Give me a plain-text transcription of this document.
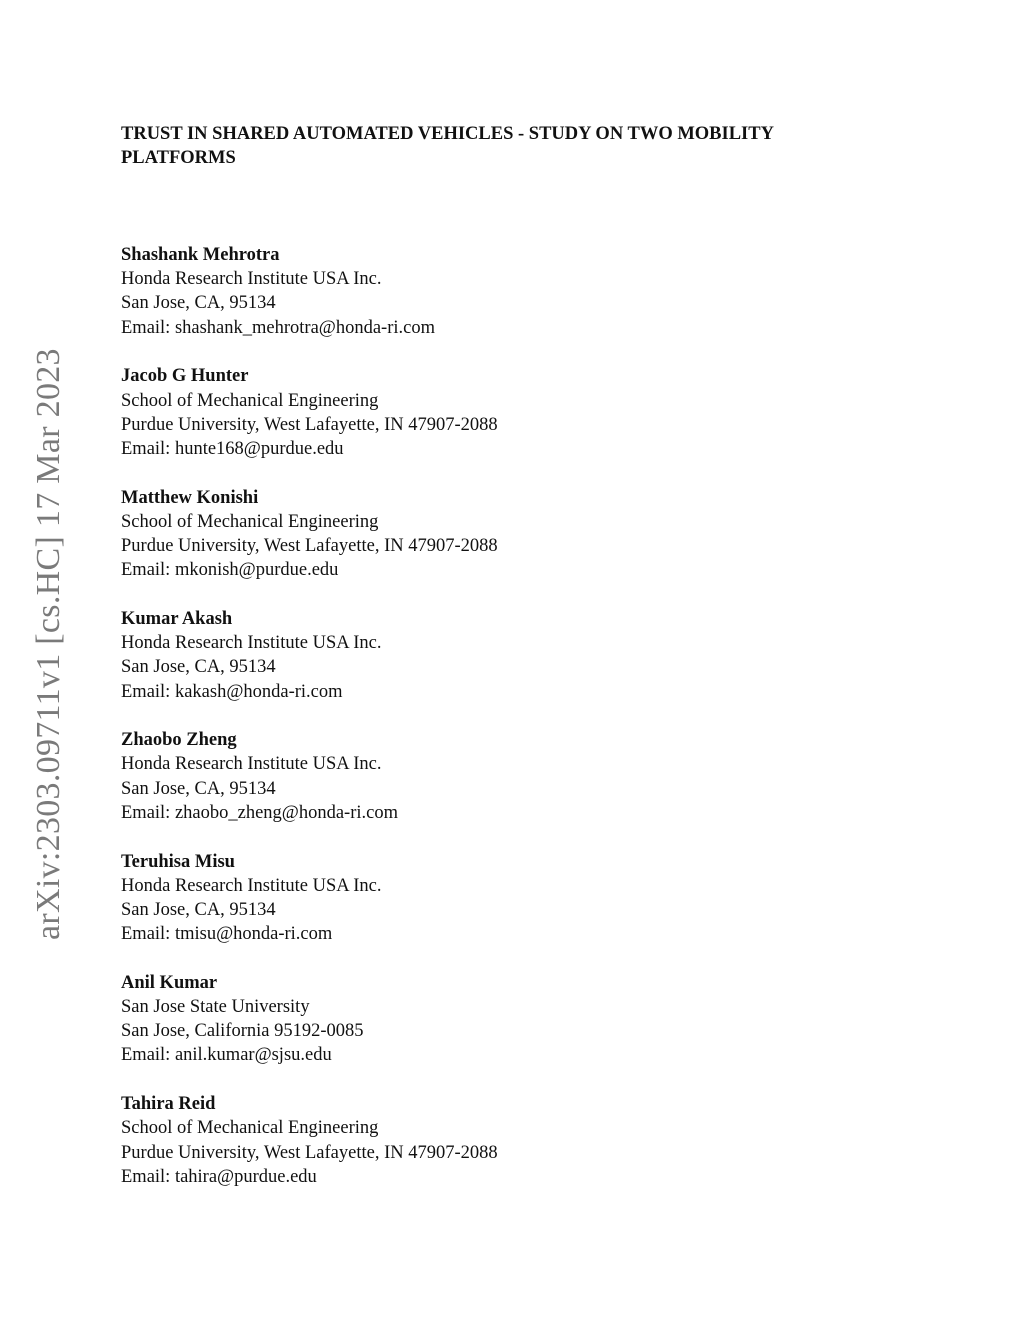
arXiv:2303.09711v1 [cs.HC] 17 Mar 2023
TRUST IN SHARED AUTOMATED VEHICLES - STUDY ON TWO MOBILITY PLATFORMS
Shashank Mehrotra
Honda Research Institute USA Inc.
San Jose, CA, 95134
Email: shashank_mehrotra@honda-ri.com
Jacob G Hunter
School of Mechanical Engineering
Purdue University, West Lafayette, IN 47907-2088
Email: hunte168@purdue.edu
Matthew Konishi
School of Mechanical Engineering
Purdue University, West Lafayette, IN 47907-2088
Email: mkonish@purdue.edu
Kumar Akash
Honda Research Institute USA Inc.
San Jose, CA, 95134
Email: kakash@honda-ri.com
Zhaobo Zheng
Honda Research Institute USA Inc.
San Jose, CA, 95134
Email: zhaobo_zheng@honda-ri.com
Teruhisa Misu
Honda Research Institute USA Inc.
San Jose, CA, 95134
Email: tmisu@honda-ri.com
Anil Kumar
San Jose State University
San Jose, California 95192-0085
Email: anil.kumar@sjsu.edu
Tahira Reid
School of Mechanical Engineering
Purdue University, West Lafayette, IN 47907-2088
Email: tahira@purdue.edu
